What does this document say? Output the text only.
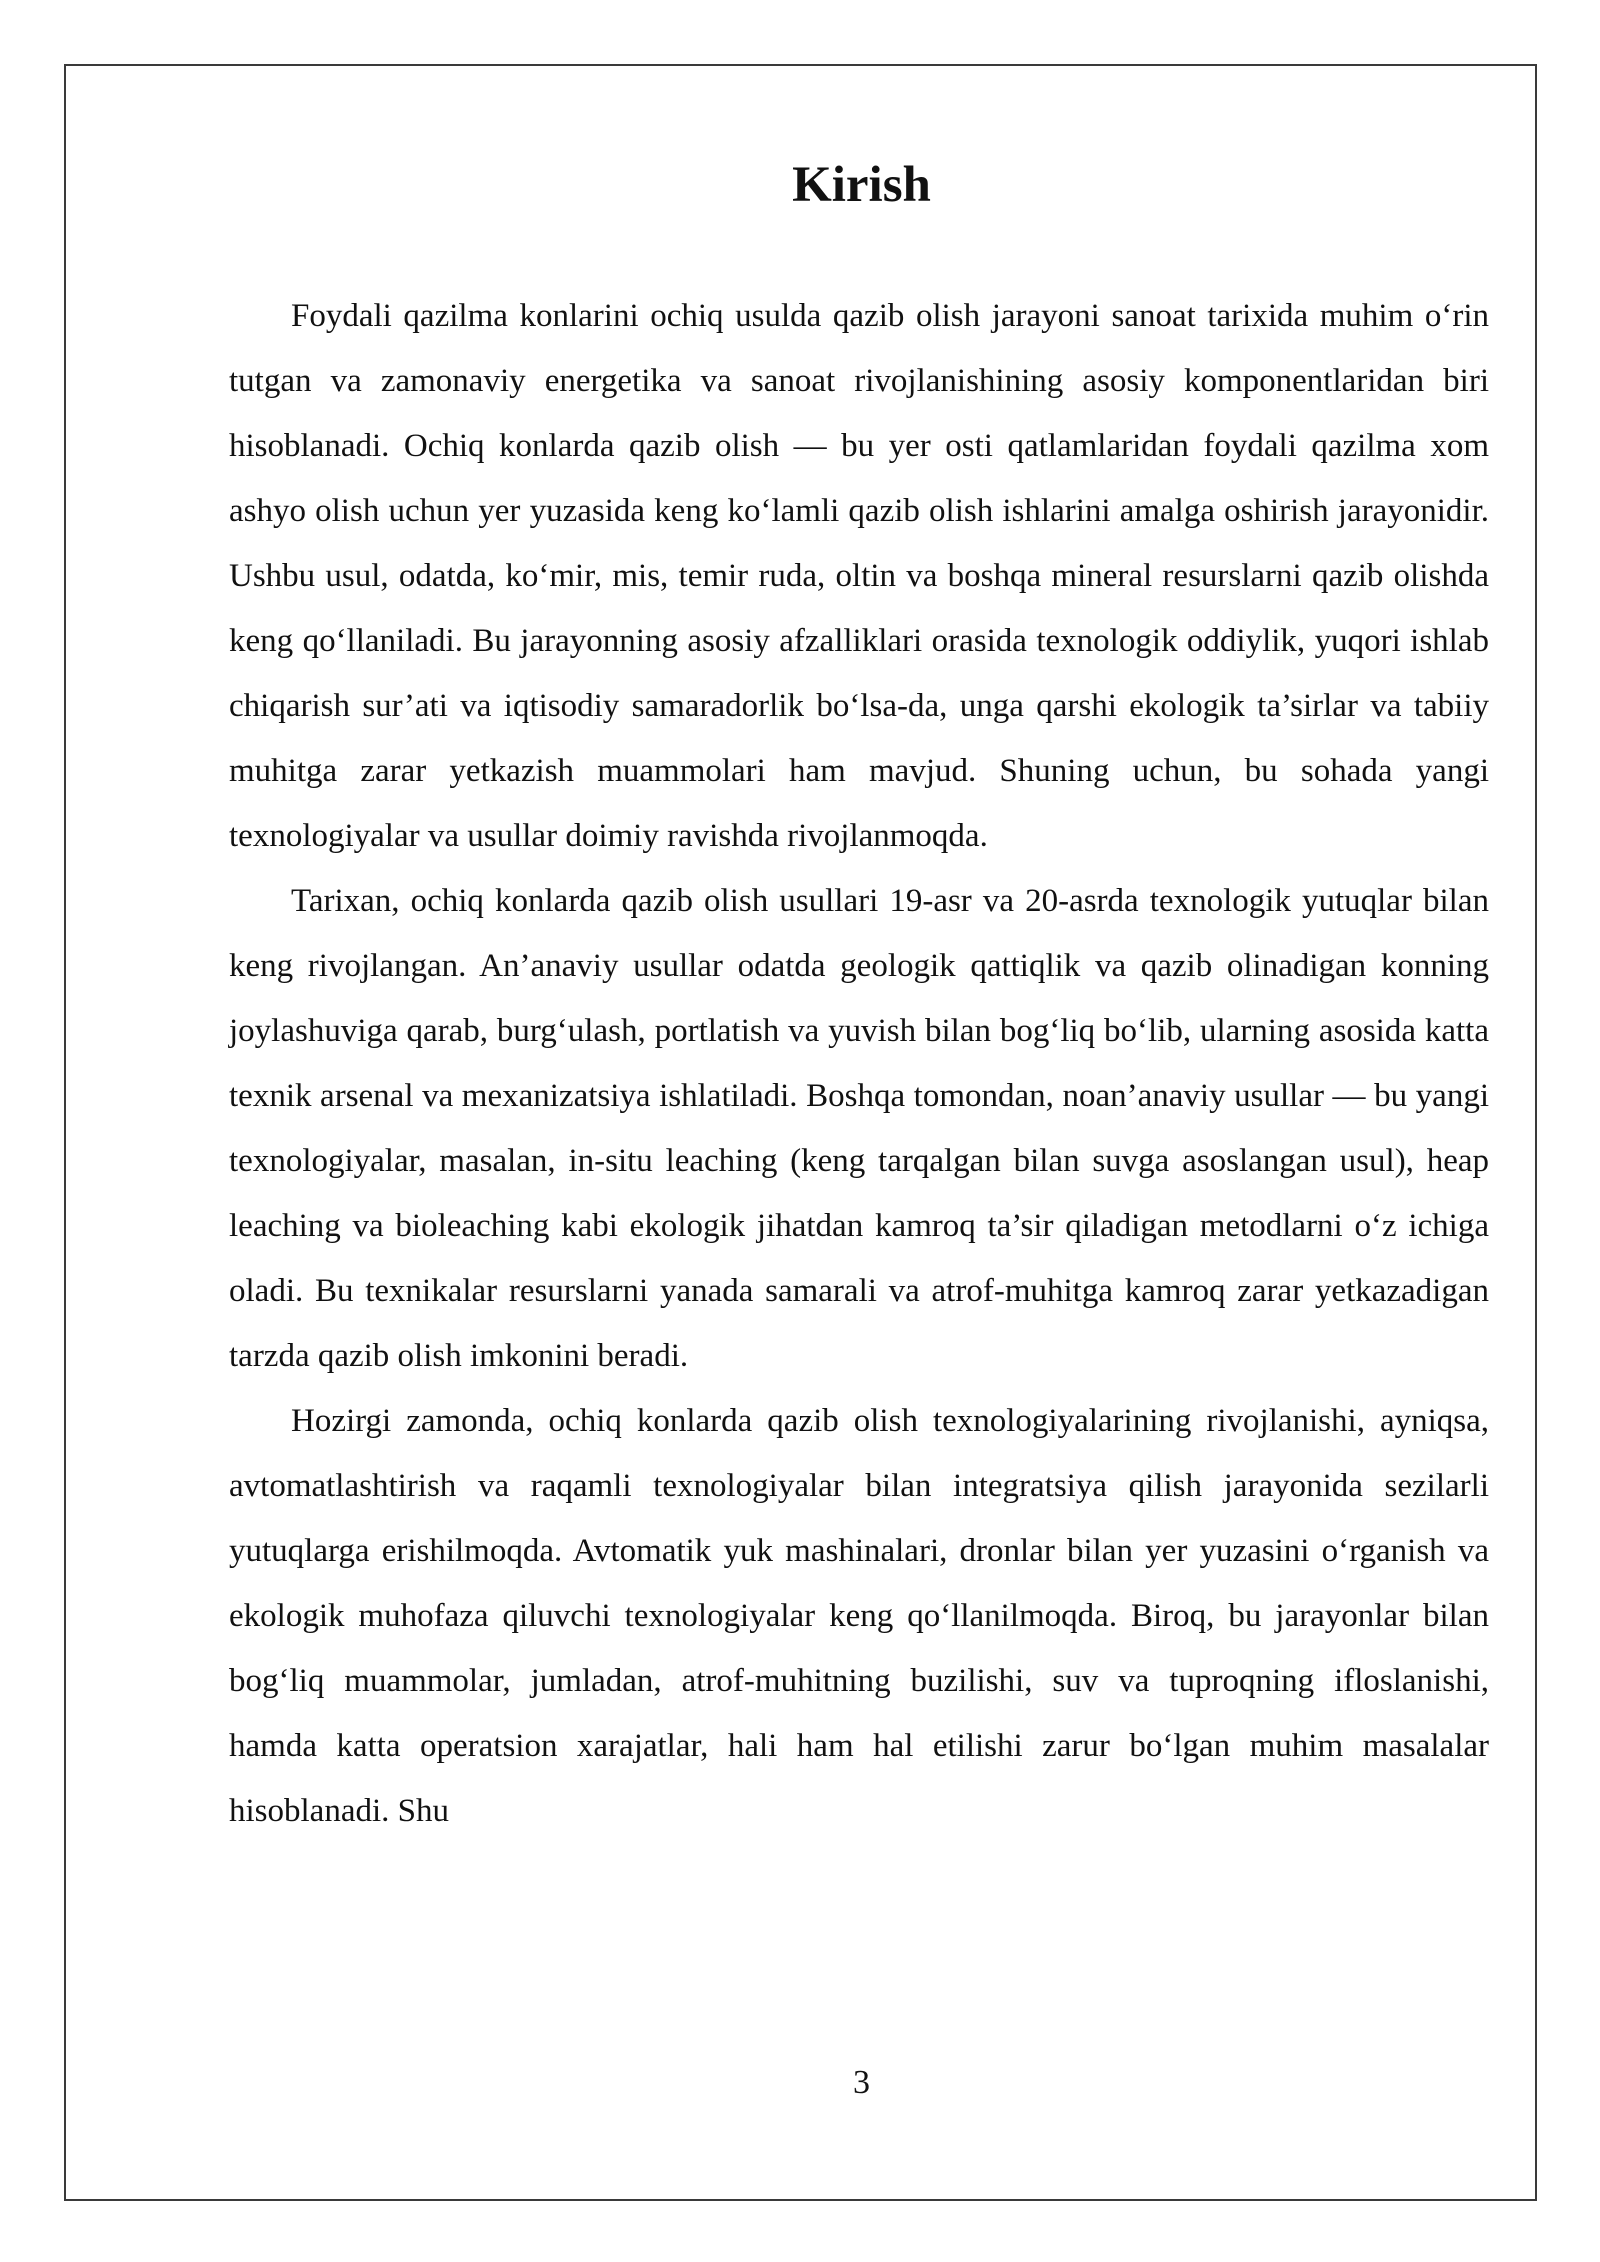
Kirish

Foydali qazilma konlarini ochiq usulda qazib olish jarayoni sanoat tarixida muhim o‘rin tutgan va zamonaviy energetika va sanoat rivojlanishining asosiy komponentlaridan biri hisoblanadi. Ochiq konlarda qazib olish — bu yer osti qatlamlaridan foydali qazilma xom ashyo olish uchun yer yuzasida keng ko‘lamli qazib olish ishlarini amalga oshirish jarayonidir. Ushbu usul, odatda, ko‘mir, mis, temir ruda, oltin va boshqa mineral resurslarni qazib olishda keng qo‘llaniladi. Bu jarayonning asosiy afzalliklari orasida texnologik oddiylik, yuqori ishlab chiqarish sur’ati va iqtisodiy samaradorlik bo‘lsa-da, unga qarshi ekologik ta’sirlar va tabiiy muhitga zarar yetkazish muammolari ham mavjud. Shuning uchun, bu sohada yangi texnologiyalar va usullar doimiy ravishda rivojlanmoqda.

Tarixan, ochiq konlarda qazib olish usullari 19-asr va 20-asrda texnologik yutuqlar bilan keng rivojlangan. An’anaviy usullar odatda geologik qattiqlik va qazib olinadigan konning joylashuviga qarab, burg‘ulash, portlatish va yuvish bilan bog‘liq bo‘lib, ularning asosida katta texnik arsenal va mexanizatsiya ishlatiladi. Boshqa tomondan, noan’anaviy usullar — bu yangi texnologiyalar, masalan, in-situ leaching (keng tarqalgan bilan suvga asoslangan usul), heap leaching va bioleaching kabi ekologik jihatdan kamroq ta’sir qiladigan metodlarni o‘z ichiga oladi. Bu texnikalar resurslarni yanada samarali va atrof-muhitga kamroq zarar yetkazadigan tarzda qazib olish imkonini beradi.

Hozirgi zamonda, ochiq konlarda qazib olish texnologiyalarining rivojlanishi, ayniqsa, avtomatlashtirish va raqamli texnologiyalar bilan integratsiya qilish jarayonida sezilarli yutuqlarga erishilmoqda. Avtomatik yuk mashinalari, dronlar bilan yer yuzasini o‘rganish va ekologik muhofaza qiluvchi texnologiyalar keng qo‘llanilmoqda. Biroq, bu jarayonlar bilan bog‘liq muammolar, jumladan, atrof-muhitning buzilishi, suv va tuproqning ifloslanishi, hamda katta operatsion xarajatlar, hali ham hal etilishi zarur bo‘lgan muhim masalalar hisoblanadi. Shu

3
